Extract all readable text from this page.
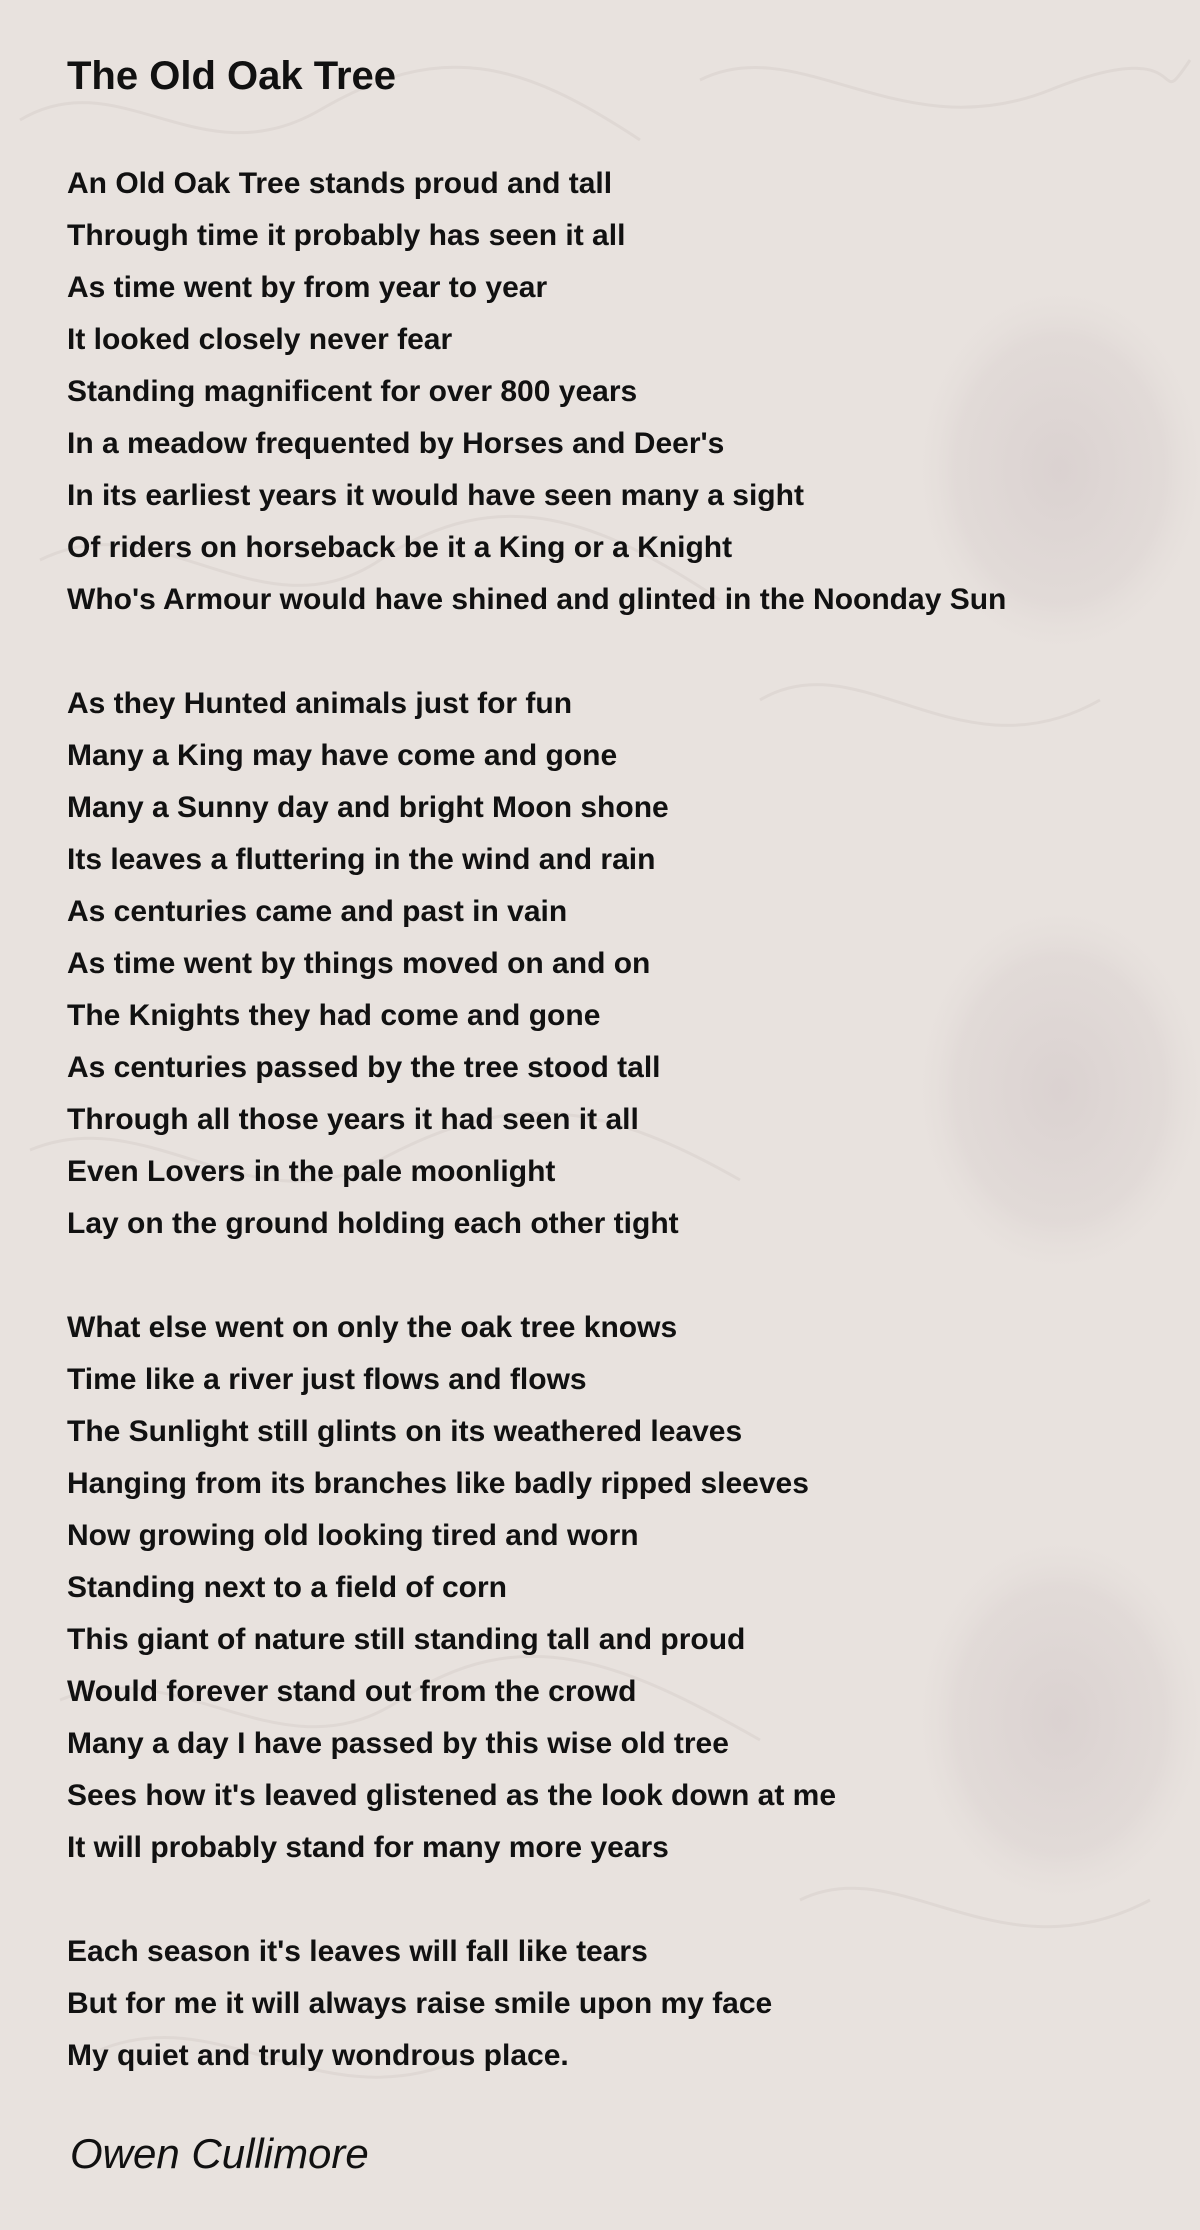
The Old Oak Tree

An Old Oak Tree stands proud and tall
Through time it probably has seen it all
As time went by from year to year
It looked closely never fear
Standing magnificent for over 800 years
In a meadow frequented by Horses and Deer's
In its earliest years it would have seen many a sight
Of riders on horseback be it a King or a Knight
Who's Armour would have shined and glinted in the Noonday Sun

As they Hunted animals just for fun
Many a King may have come and gone
Many a Sunny day and bright Moon shone
Its leaves a fluttering in the wind and rain
As centuries came and past in vain
As time went by things moved on and on
The Knights they had come and gone
As centuries passed by the tree stood tall
Through all those years it had seen it all
Even Lovers in the pale moonlight
Lay on the ground holding each other tight

What else went on only the oak tree knows
Time like a river just flows and flows
The Sunlight still glints on its weathered leaves
Hanging from its branches like badly ripped sleeves
Now growing old looking tired and worn
Standing next to a field of corn
This giant of nature still standing tall and proud
Would forever stand out from the crowd
Many a day I have passed by this wise old tree
Sees how it's leaved glistened as the look down at me
It will probably stand for many more years

Each season it's leaves will fall like tears
But for me it will always raise smile upon my face
My quiet and truly wondrous place.

Owen Cullimore
